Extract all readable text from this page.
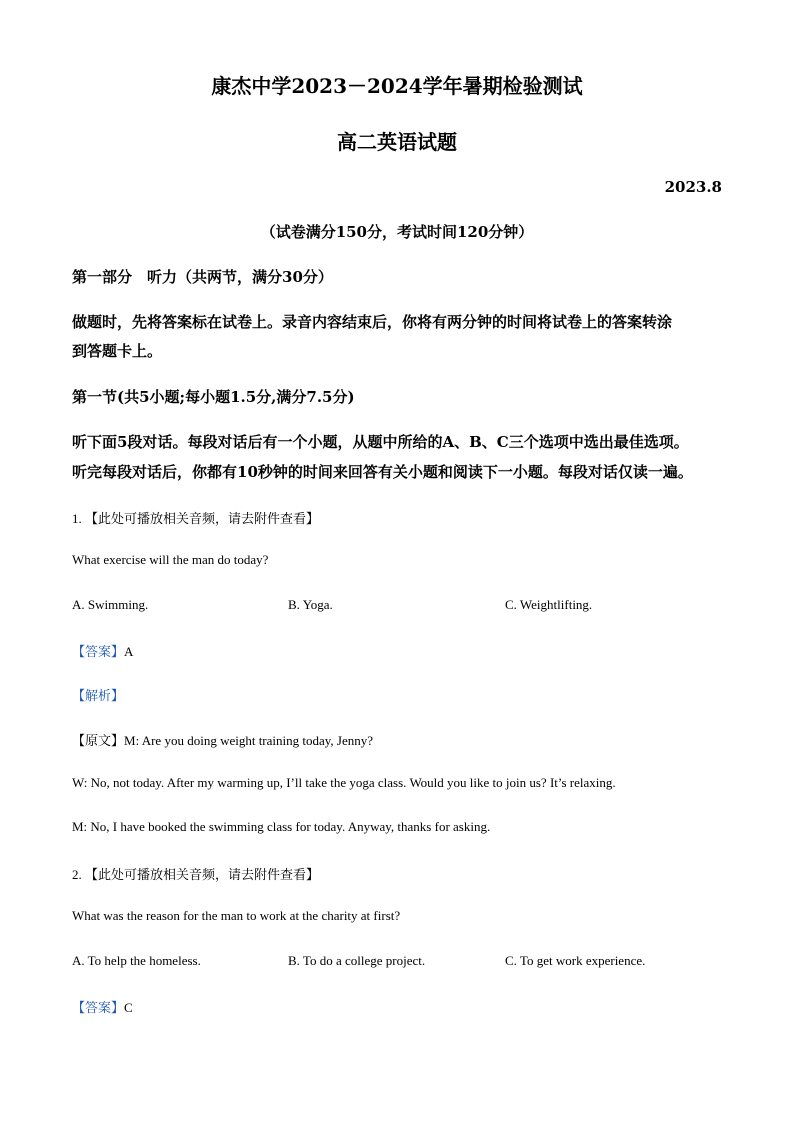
康杰中学2023－2024学年暑期检验测试
高二英语试题
2023.8
（试卷满分150分，考试时间120分钟）
第一部分　听力（共两节，满分30分）
做题时，先将答案标在试卷上。录音内容结束后，你将有两分钟的时间将试卷上的答案转涂
到答题卡上。
第一节(共5小题;每小题1.5分,满分7.5分)
听下面5段对话。每段对话后有一个小题，从题中所给的A、B、C三个选项中选出最佳选项。
听完每段对话后，你都有10秒钟的时间来回答有关小题和阅读下一小题。每段对话仅读一遍。
1. 【此处可播放相关音频，请去附件查看】
What exercise will the man do today?
A. Swimming.	B. Yoga.	C. Weightlifting.
【答案】A
【解析】
【原文】M: Are you doing weight training today, Jenny?
W: No, not today. After my warming up, I’ll take the yoga class. Would you like to join us? It’s relaxing.
M: No, I have booked the swimming class for today. Anyway, thanks for asking.
2. 【此处可播放相关音频，请去附件查看】
What was the reason for the man to work at the charity at first?
A. To help the homeless.	B. To do a college project.	C. To get work experience.
【答案】C
